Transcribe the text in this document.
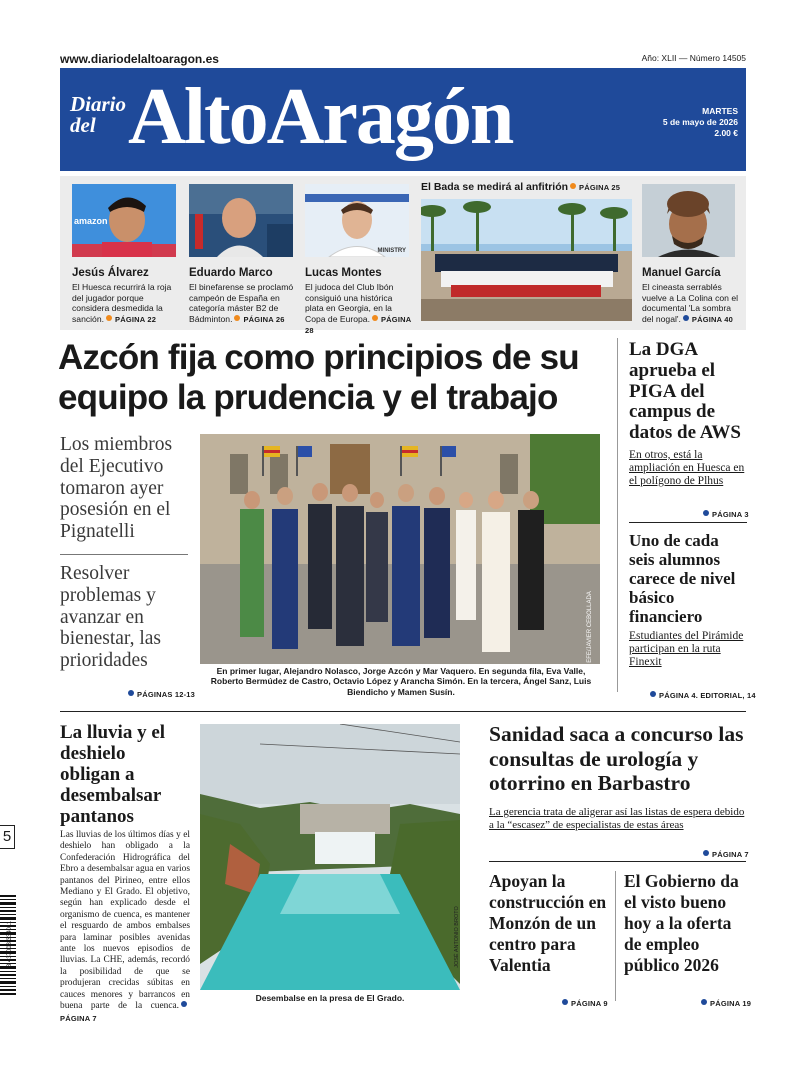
www.diariodelaltoaragon.es	Año: XLII — Número 14505
Diario
del AltoAragón	MARTES
5 de mayo de 2026
2.00 €
amazon
Jesús Álvarez
El Huesca recurrirá la roja del jugador porque considera desmedida la sanción. PÁGINA 22
Eduardo Marco
El binefarense se proclamó campeón de España en categoría máster B2 de Bádminton. PÁGINA 26
MINISTRY
Lucas Montes
El judoca del Club Ibón consiguió una histórica plata en Georgia, en la Copa de Europa. PÁGINA 28
El Bada se medirá al anfitrión PÁGINA 25
Manuel García
El cineasta serrablés vuelve a La Colina con el documental 'La sombra del nogal'. PÁGINA 40
Azcón fija como principios de su equipo la prudencia y el trabajo
Los miembros del Ejecutivo tomaron ayer posesión en el Pignatelli
Resolver problemas y avanzar en bienestar, las prioridades
PÁGINAS 12-13
EFE/JAVIER CEBOLLADA
En primer lugar, Alejandro Nolasco, Jorge Azcón y Mar Vaquero. En segunda fila, Eva Valle, Roberto Bermúdez de Castro, Octavio López y Arancha Simón. En la tercera, Ángel Sanz, Luis Biendicho y Mamen Susín.
La DGA aprueba el PIGA del campus de datos de AWS
En otros, está la ampliación en Huesca en el polígono de Plhus
PÁGINA 3
Uno de cada seis alumnos carece de nivel básico financiero
Estudiantes del Pirámide participan en la ruta Finexit
PÁGINA 4. EDITORIAL, 14
La lluvia y el deshielo obligan a desembalsar pantanos
Las lluvias de los últimos días y el deshielo han obligado a la Confederación Hidrográfica del Ebro a desembalsar agua en varios pantanos del Pirineo, entre ellos Mediano y El Grado. El objetivo, según han explicado desde el organismo de cuenca, es mantener el resguardo de ambos embalses para laminar posibles avenidas ante los nuevos episodios de lluvias. La CHE, además, recordó la posibilidad de que se produjeran crecidas súbitas en cauces menores y barrancos en buena parte de la cuenca.PÁGINA 7
JOSÉ ANTONIO BROTO
Desembalse en la presa de El Grado.
Sanidad saca a concurso las consultas de urología y otorrino en Barbastro
La gerencia trata de aligerar así las listas de espera debido a la “escasez” de especialistas de estas áreas
PÁGINA 7
Apoyan la construcción en Monzón de un centro para Valentia
PÁGINA 9
El Gobierno da el visto bueno hoy a la oferta de empleo público 2026
PÁGINA 19
5
8 437008 334011
